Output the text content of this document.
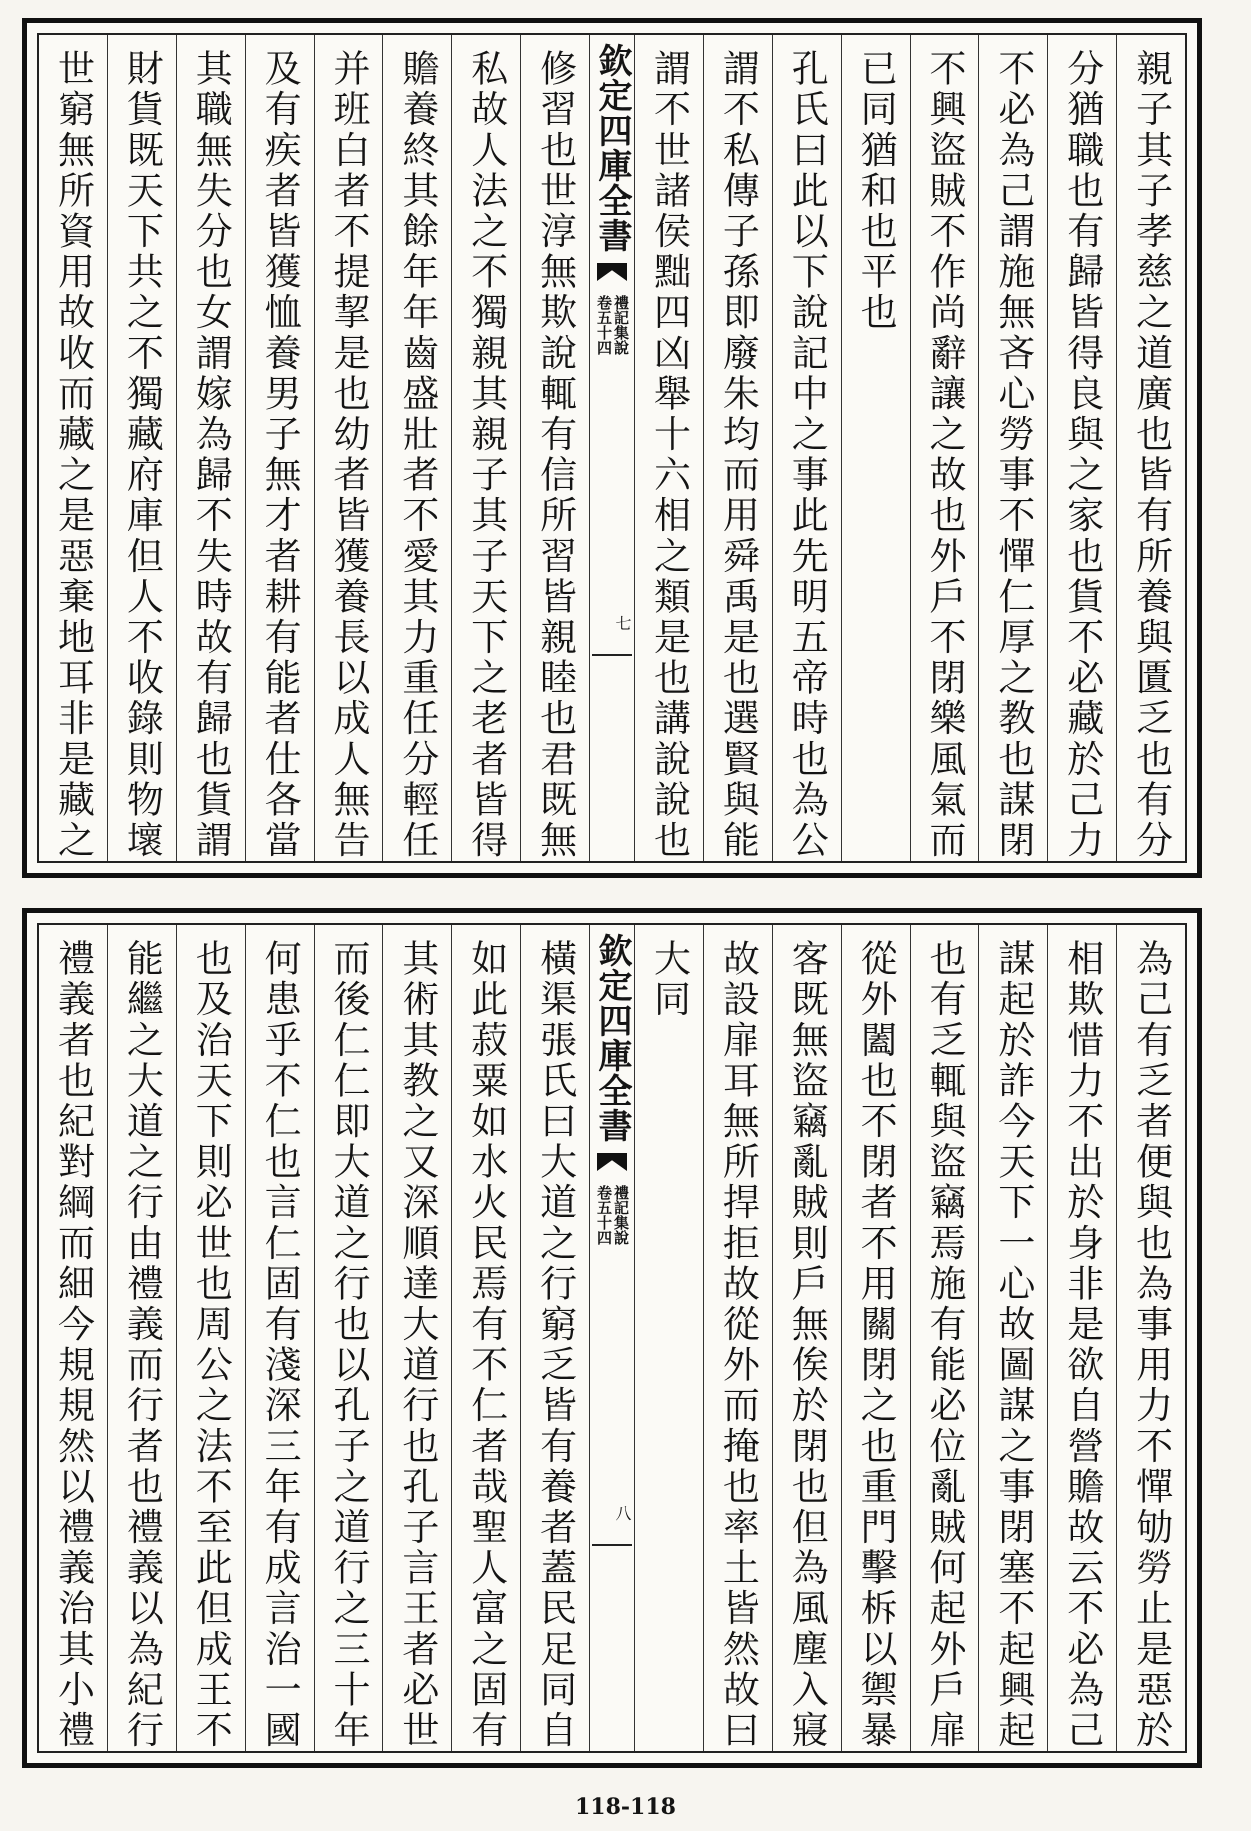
親子其子孝慈之道廣也皆有所養與匱乏也有分
分猶職也有歸皆得良與之家也貨不必藏於己力
不必為己謂施無吝心勞事不憚仁厚之教也謀閉
不興盜賊不作尚辭讓之故也外戶不閉樂風氣而
已同猶和也平也
孔氏曰此以下說記中之事此先明五帝時也為公
謂不私傳子孫即廢朱均而用舜禹是也選賢與能
謂不世諸侯黜四凶舉十六相之類是也講說說也
欽定四庫全書
禮記集說
卷五十四
七
修習也世淳無欺說輒有信所習皆親睦也君既無
私故人法之不獨親其親子其子天下之老者皆得
贍養終其餘年年齒盛壯者不愛其力重任分輕任
并班白者不提挈是也幼者皆獲養長以成人無告
及有疾者皆獲恤養男子無才者耕有能者仕各當
其職無失分也女謂嫁為歸不失時故有歸也貨謂
財貨既天下共之不獨藏府庫但人不收錄則物壞
世窮無所資用故收而藏之是惡棄地耳非是藏之
為己有乏者便與也為事用力不憚劬勞止是惡於
相欺惜力不出於身非是欲自營贍故云不必為己
謀起於詐今天下一心故圖謀之事閉塞不起興起
也有乏輒與盜竊焉施有能必位亂賊何起外戶扉
從外闔也不閉者不用關閉之也重門擊柝以禦暴
客既無盜竊亂賊則戶無俟於閉也但為風塵入寢
故設扉耳無所捍拒故從外而掩也率土皆然故曰
大同
欽定四庫全書
禮記集說
卷五十四
八
橫渠張氏曰大道之行窮乏皆有養者蓋民足同自
如此菽粟如水火民焉有不仁者哉聖人富之固有
其術其教之又深順達大道行也孔子言王者必世
而後仁仁即大道之行也以孔子之道行之三十年
何患乎不仁也言仁固有淺深三年有成言治一國
也及治天下則必世也周公之法不至此但成王不
能繼之大道之行由禮義而行者也禮義以為紀行
禮義者也紀對綱而細今規規然以禮義治其小禮
118-118
